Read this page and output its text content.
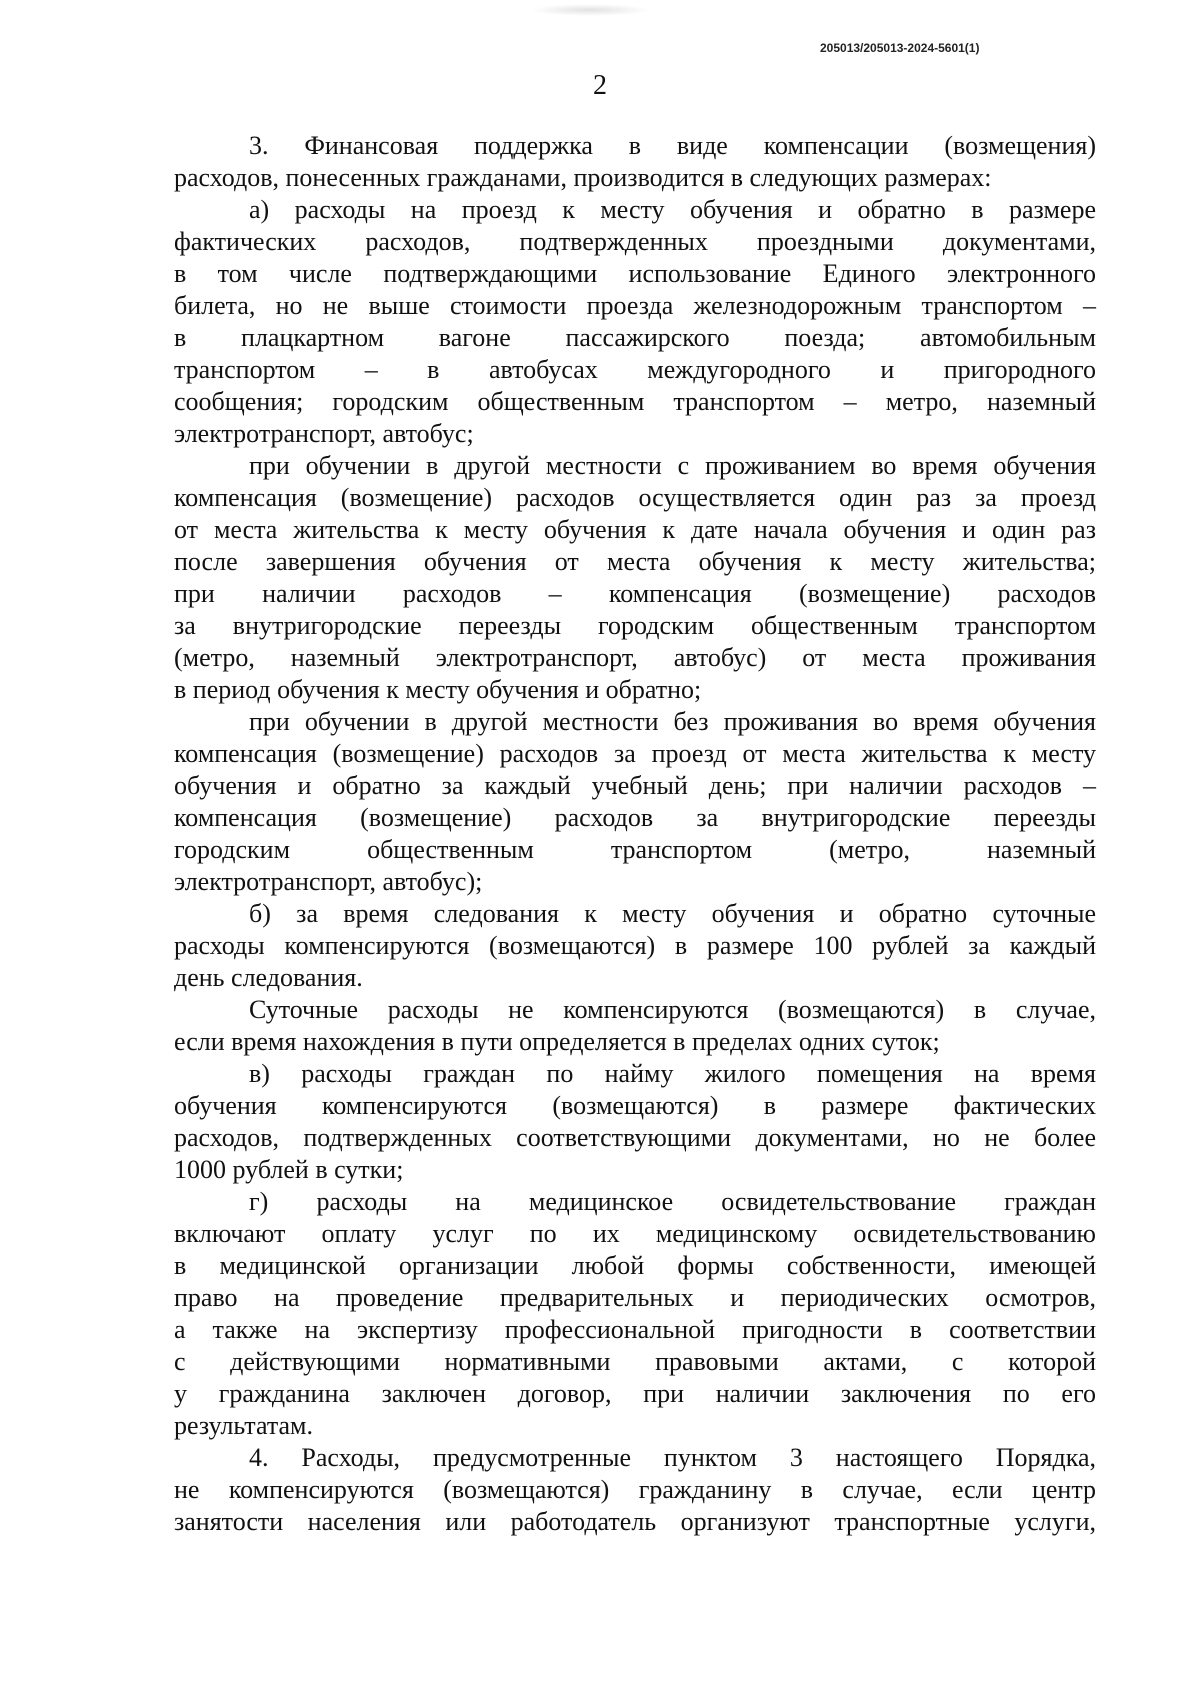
205013/205013-2024-5601(1)
2
3. Финансовая поддержка в виде компенсации (возмещения)
расходов, понесенных гражданами, производится в следующих размерах:
а) расходы на проезд к месту обучения и обратно в размере
фактических расходов, подтвержденных проездными документами,
в том числе подтверждающими использование Единого электронного
билета, но не выше стоимости проезда железнодорожным транспортом –
в плацкартном вагоне пассажирского поезда; автомобильным
транспортом – в автобусах междугородного и пригородного
сообщения; городским общественным транспортом – метро, наземный
электротранспорт, автобус;
при обучении в другой местности с проживанием во время обучения
компенсация (возмещение) расходов осуществляется один раз за проезд
от места жительства к месту обучения к дате начала обучения и один раз
после завершения обучения от места обучения к месту жительства;
при наличии расходов – компенсация (возмещение) расходов
за внутригородские переезды городским общественным транспортом
(метро, наземный электротранспорт, автобус) от места проживания
в период обучения к месту обучения и обратно;
при обучении в другой местности без проживания во время обучения
компенсация (возмещение) расходов за проезд от места жительства к месту
обучения и обратно за каждый учебный день; при наличии расходов –
компенсация (возмещение) расходов за внутригородские переезды
городским общественным транспортом (метро, наземный
электротранспорт, автобус);
б) за время следования к месту обучения и обратно суточные
расходы компенсируются (возмещаются) в размере 100 рублей за каждый
день следования.
Суточные расходы не компенсируются (возмещаются) в случае,
если время нахождения в пути определяется в пределах одних суток;
в) расходы граждан по найму жилого помещения на время
обучения компенсируются (возмещаются) в размере фактических
расходов, подтвержденных соответствующими документами, но не более
1000 рублей в сутки;
г) расходы на медицинское освидетельствование граждан
включают оплату услуг по их медицинскому освидетельствованию
в медицинской организации любой формы собственности, имеющей
право на проведение предварительных и периодических осмотров,
а также на экспертизу профессиональной пригодности в соответствии
с действующими нормативными правовыми актами, с которой
у гражданина заключен договор, при наличии заключения по его
результатам.
4. Расходы, предусмотренные пунктом 3 настоящего Порядка,
не компенсируются (возмещаются) гражданину в случае, если центр
занятости населения или работодатель организуют транспортные услуги,
